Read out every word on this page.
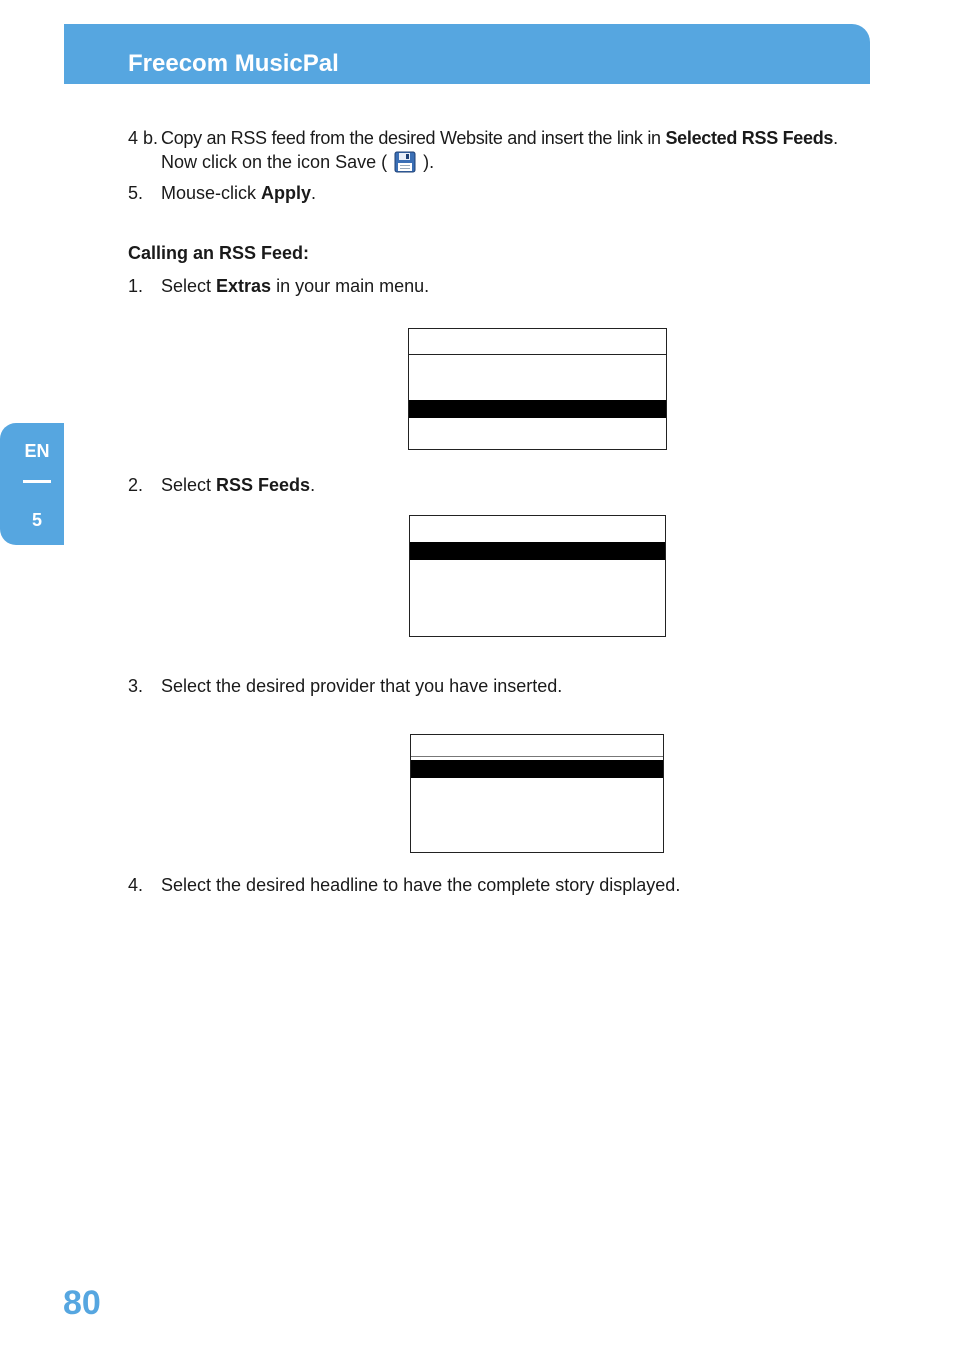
Freecom MusicPal
EN
5
4 b. Copy an RSS feed from the desired Website and insert the link in Selected RSS Feeds.
Now click on the icon Save (  ).
5. Mouse-click Apply.
Calling an RSS Feed:
1. Select Extras in your main menu.
2. Select RSS Feeds.
3. Select the desired provider that you have inserted.
4. Select the desired headline to have the complete story displayed.
80
